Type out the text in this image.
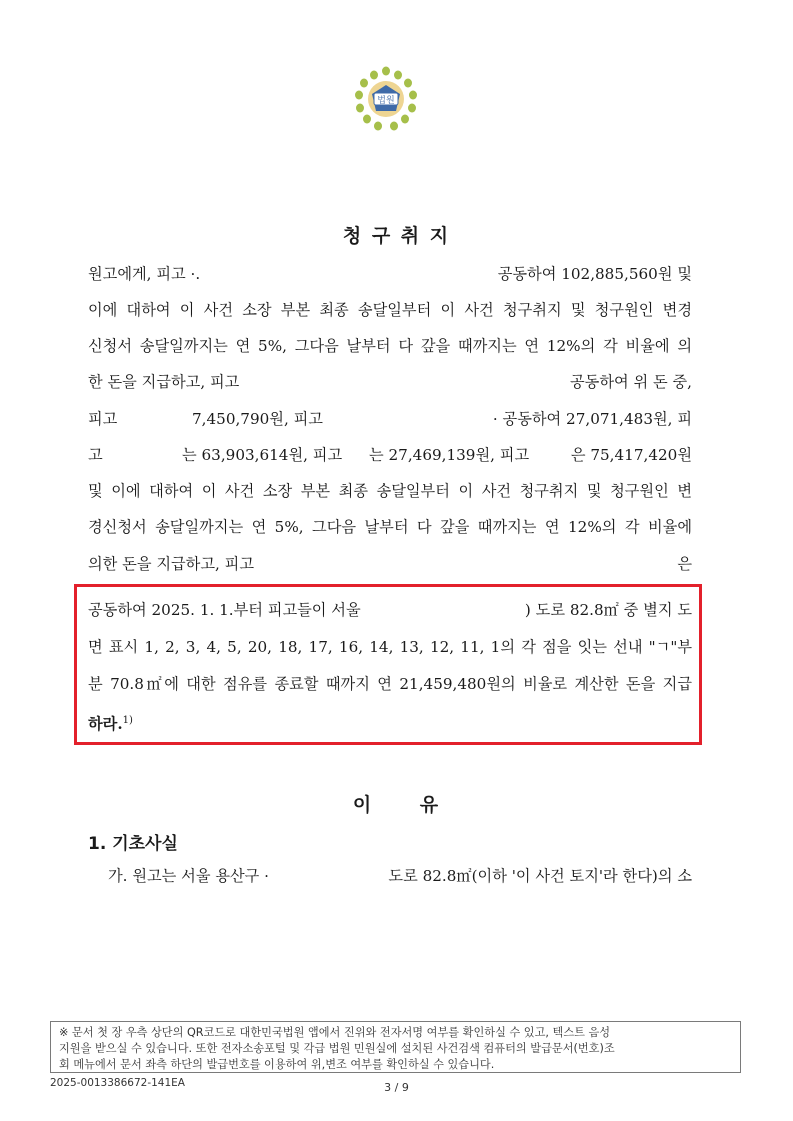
법원
청 구 취 지
원고에게, 피고 ·.	공동하여 102,885,560원 및
이에 대하여 이 사건 소장 부본 최종 송달일부터 이 사건 청구취지 및 청구원인 변경
신청서 송달일까지는 연 5%, 그다음 날부터 다 갚을 때까지는 연 12%의 각 비율에 의
한 돈을 지급하고, 피고	공동하여 위 돈 중,
피고	7,450,790원, 피고	· 공동하여 27,071,483원, 피
고	는 63,903,614원, 피고 는 27,469,139원, 피고	은 75,417,420원
및 이에 대하여 이 사건 소장 부본 최종 송달일부터 이 사건 청구취지 및 청구원인 변
경신청서 송달일까지는 연 5%, 그다음 날부터 다 갚을 때까지는 연 12%의 각 비율에
의한 돈을 지급하고, 피고	은
공동하여 2025. 1. 1.부터 피고들이 서울	) 도로 82.8㎡ 중 별지 도
면 표시 1, 2, 3, 4, 5, 20, 18, 17, 16, 14, 13, 12, 11, 1의 각 점을 잇는 선내 "ㄱ"부
분 70.8㎡에 대한 점유를 종료할 때까지 연 21,459,480원의 비율로 계산한 돈을 지급
하라.$^{1)}$
이 유
1. 기초사실
가. 원고는 서울 용산구 ·	도로 82.8㎡(이하 '이 사건 토지'라 한다)의 소
※ 문서 첫 장 우측 상단의 QR코드로 대한민국법원 앱에서 진위와 전자서명 여부를 확인하실 수 있고, 텍스트 음성
지원을 받으실 수 있습니다. 또한 전자소송포털 및 각급 법원 민원실에 설치된 사건검색 컴퓨터의 발급문서(번호)조
회 메뉴에서 문서 좌측 하단의 발급번호를 이용하여 위,변조 여부를 확인하실 수 있습니다.
2025-0013386672-141EA	3 / 9
